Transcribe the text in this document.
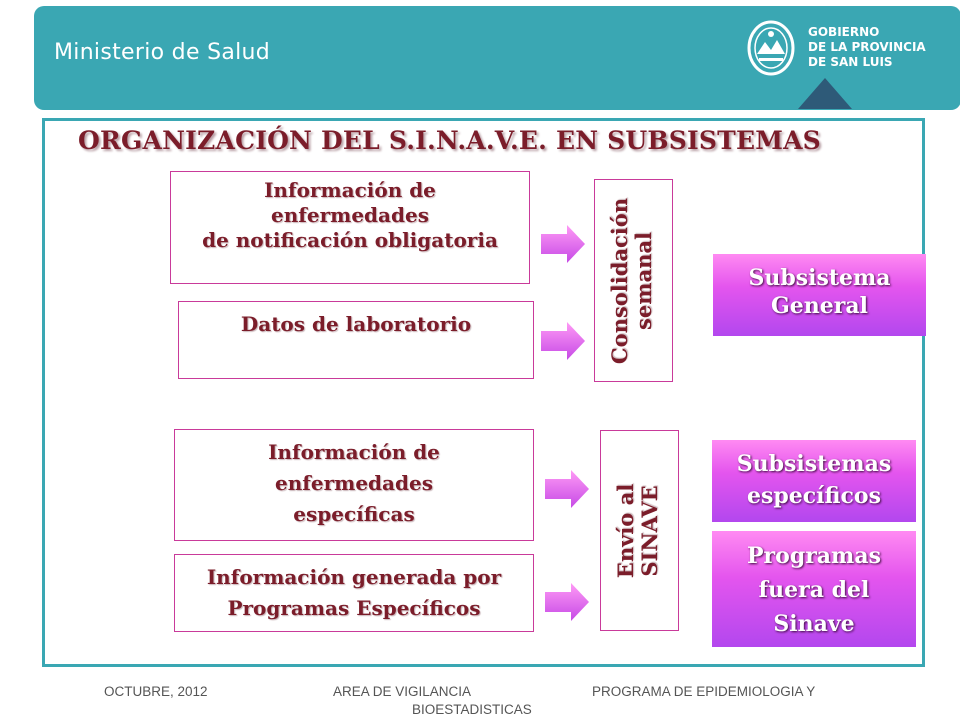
Ministerio de Salud
GOBIERNO
DE LA PROVINCIA
DE SAN LUIS
ORGANIZACIÓN DEL S.I.N.A.V.E. EN SUBSISTEMAS
Información de
enfermedades
de notificación obligatoria
Datos de laboratorio
Información de
enfermedades
específicas
Información generada por
Programas Específicos
Consolidación semanal
Envío al SINAVE
Subsistema
General
Subsistemas
específicos
Programas
fuera del
Sinave
OCTUBRE, 2012	AREA DE VIGILANCIA
BIOESTADISTICAS
PROGRAMA DE EPIDEMIOLOGIA Y
